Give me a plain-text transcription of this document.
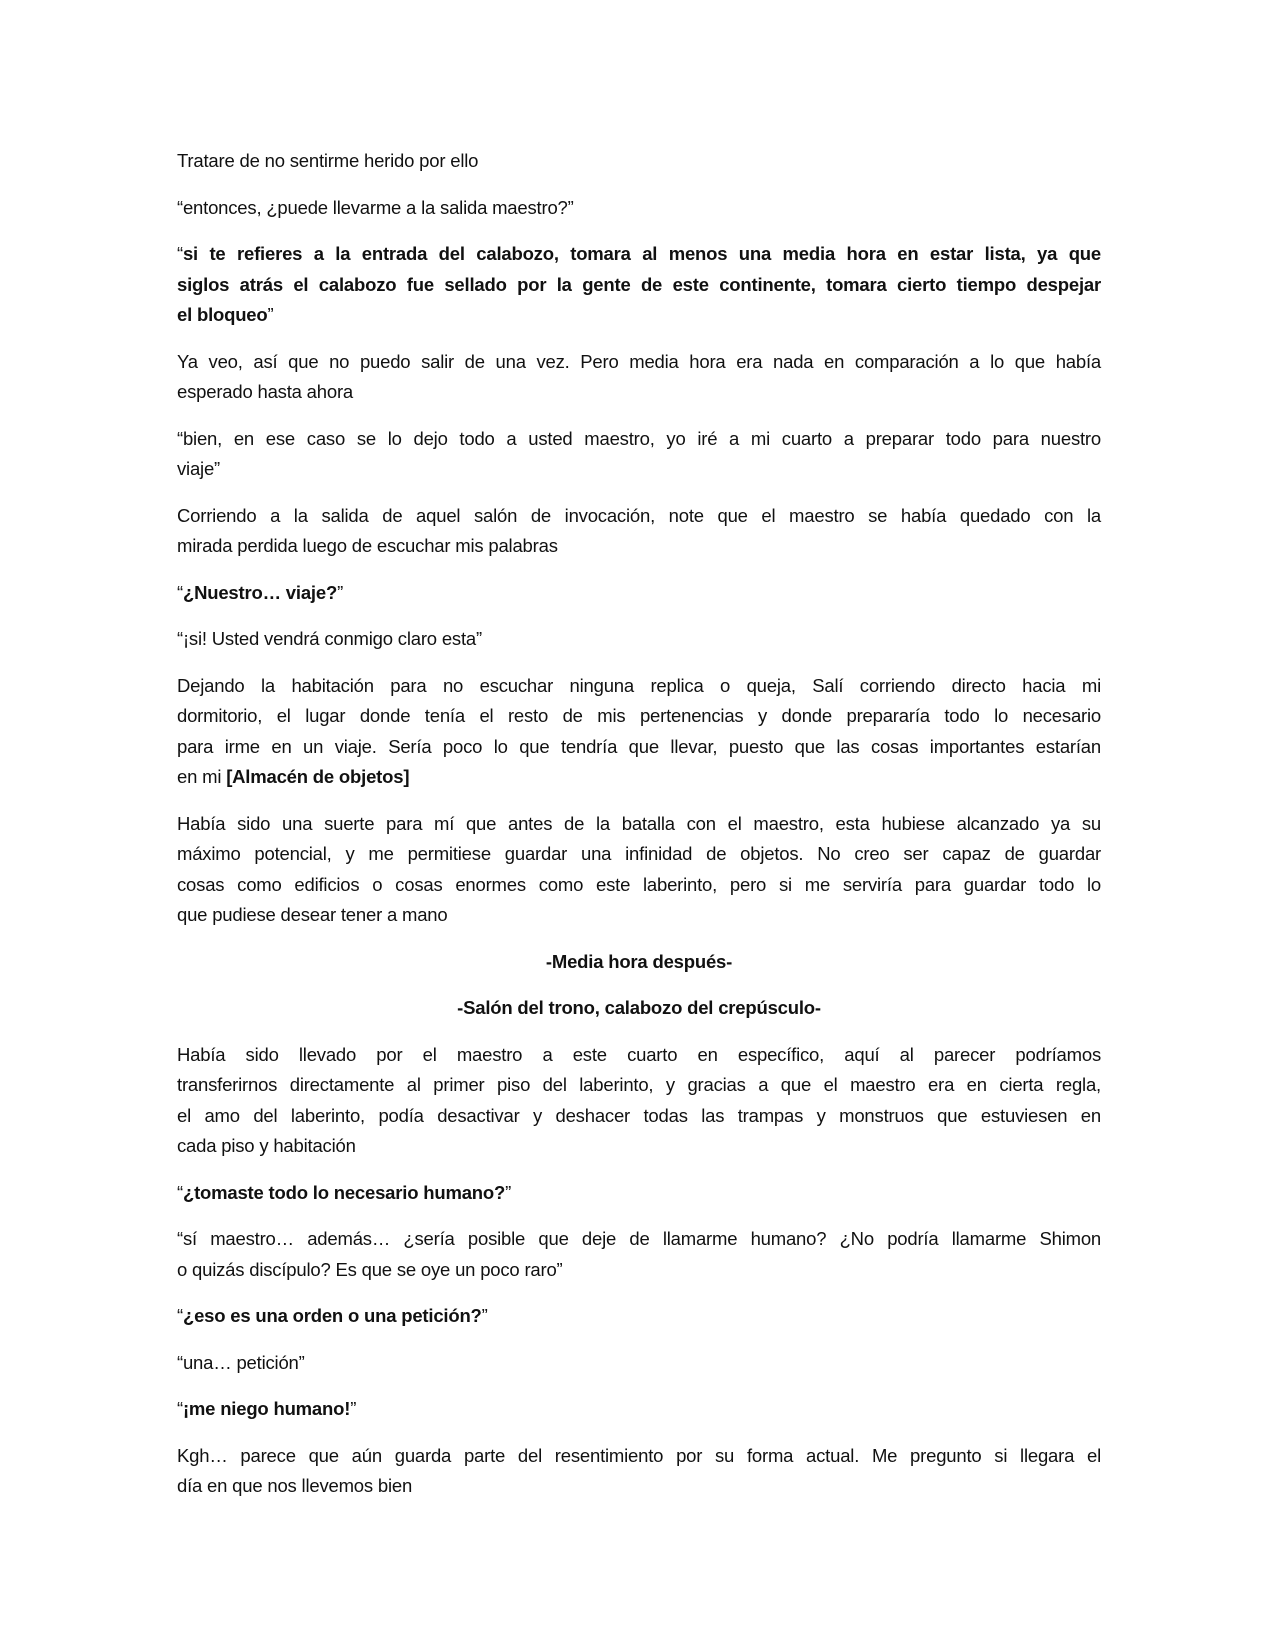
Tratare de no sentirme herido por ello
“entonces, ¿puede llevarme a la salida maestro?”
“si te refieres a la entrada del calabozo, tomara al menos una media hora en estar lista, ya que
siglos atrás el calabozo fue sellado por la gente de este continente, tomara cierto tiempo despejar
el bloqueo”
Ya veo, así que no puedo salir de una vez. Pero media hora era nada en comparación a lo que había
esperado hasta ahora
“bien, en ese caso se lo dejo todo a usted maestro, yo iré a mi cuarto a preparar todo para nuestro
viaje”
Corriendo a la salida de aquel salón de invocación, note que el maestro se había quedado con la
mirada perdida luego de escuchar mis palabras
“¿Nuestro… viaje?”
“¡si! Usted vendrá conmigo claro esta”
Dejando la habitación para no escuchar ninguna replica o queja, Salí corriendo directo hacia mi
dormitorio, el lugar donde tenía el resto de mis pertenencias y donde prepararía todo lo necesario
para irme en un viaje. Sería poco lo que tendría que llevar, puesto que las cosas importantes estarían
en mi [Almacén de objetos]
Había sido una suerte para mí que antes de la batalla con el maestro, esta hubiese alcanzado ya su
máximo potencial, y me permitiese guardar una infinidad de objetos. No creo ser capaz de guardar
cosas como edificios o cosas enormes como este laberinto, pero si me serviría para guardar todo lo
que pudiese desear tener a mano
-Media hora después-
-Salón del trono, calabozo del crepúsculo-
Había sido llevado por el maestro a este cuarto en específico, aquí al parecer podríamos
transferirnos directamente al primer piso del laberinto, y gracias a que el maestro era en cierta regla,
el amo del laberinto, podía desactivar y deshacer todas las trampas y monstruos que estuviesen en
cada piso y habitación
“¿tomaste todo lo necesario humano?”
“sí maestro… además… ¿sería posible que deje de llamarme humano? ¿No podría llamarme Shimon
o quizás discípulo? Es que se oye un poco raro”
“¿eso es una orden o una petición?”
“una… petición”
“¡me niego humano!”
Kgh… parece que aún guarda parte del resentimiento por su forma actual. Me pregunto si llegara el
día en que nos llevemos bien
